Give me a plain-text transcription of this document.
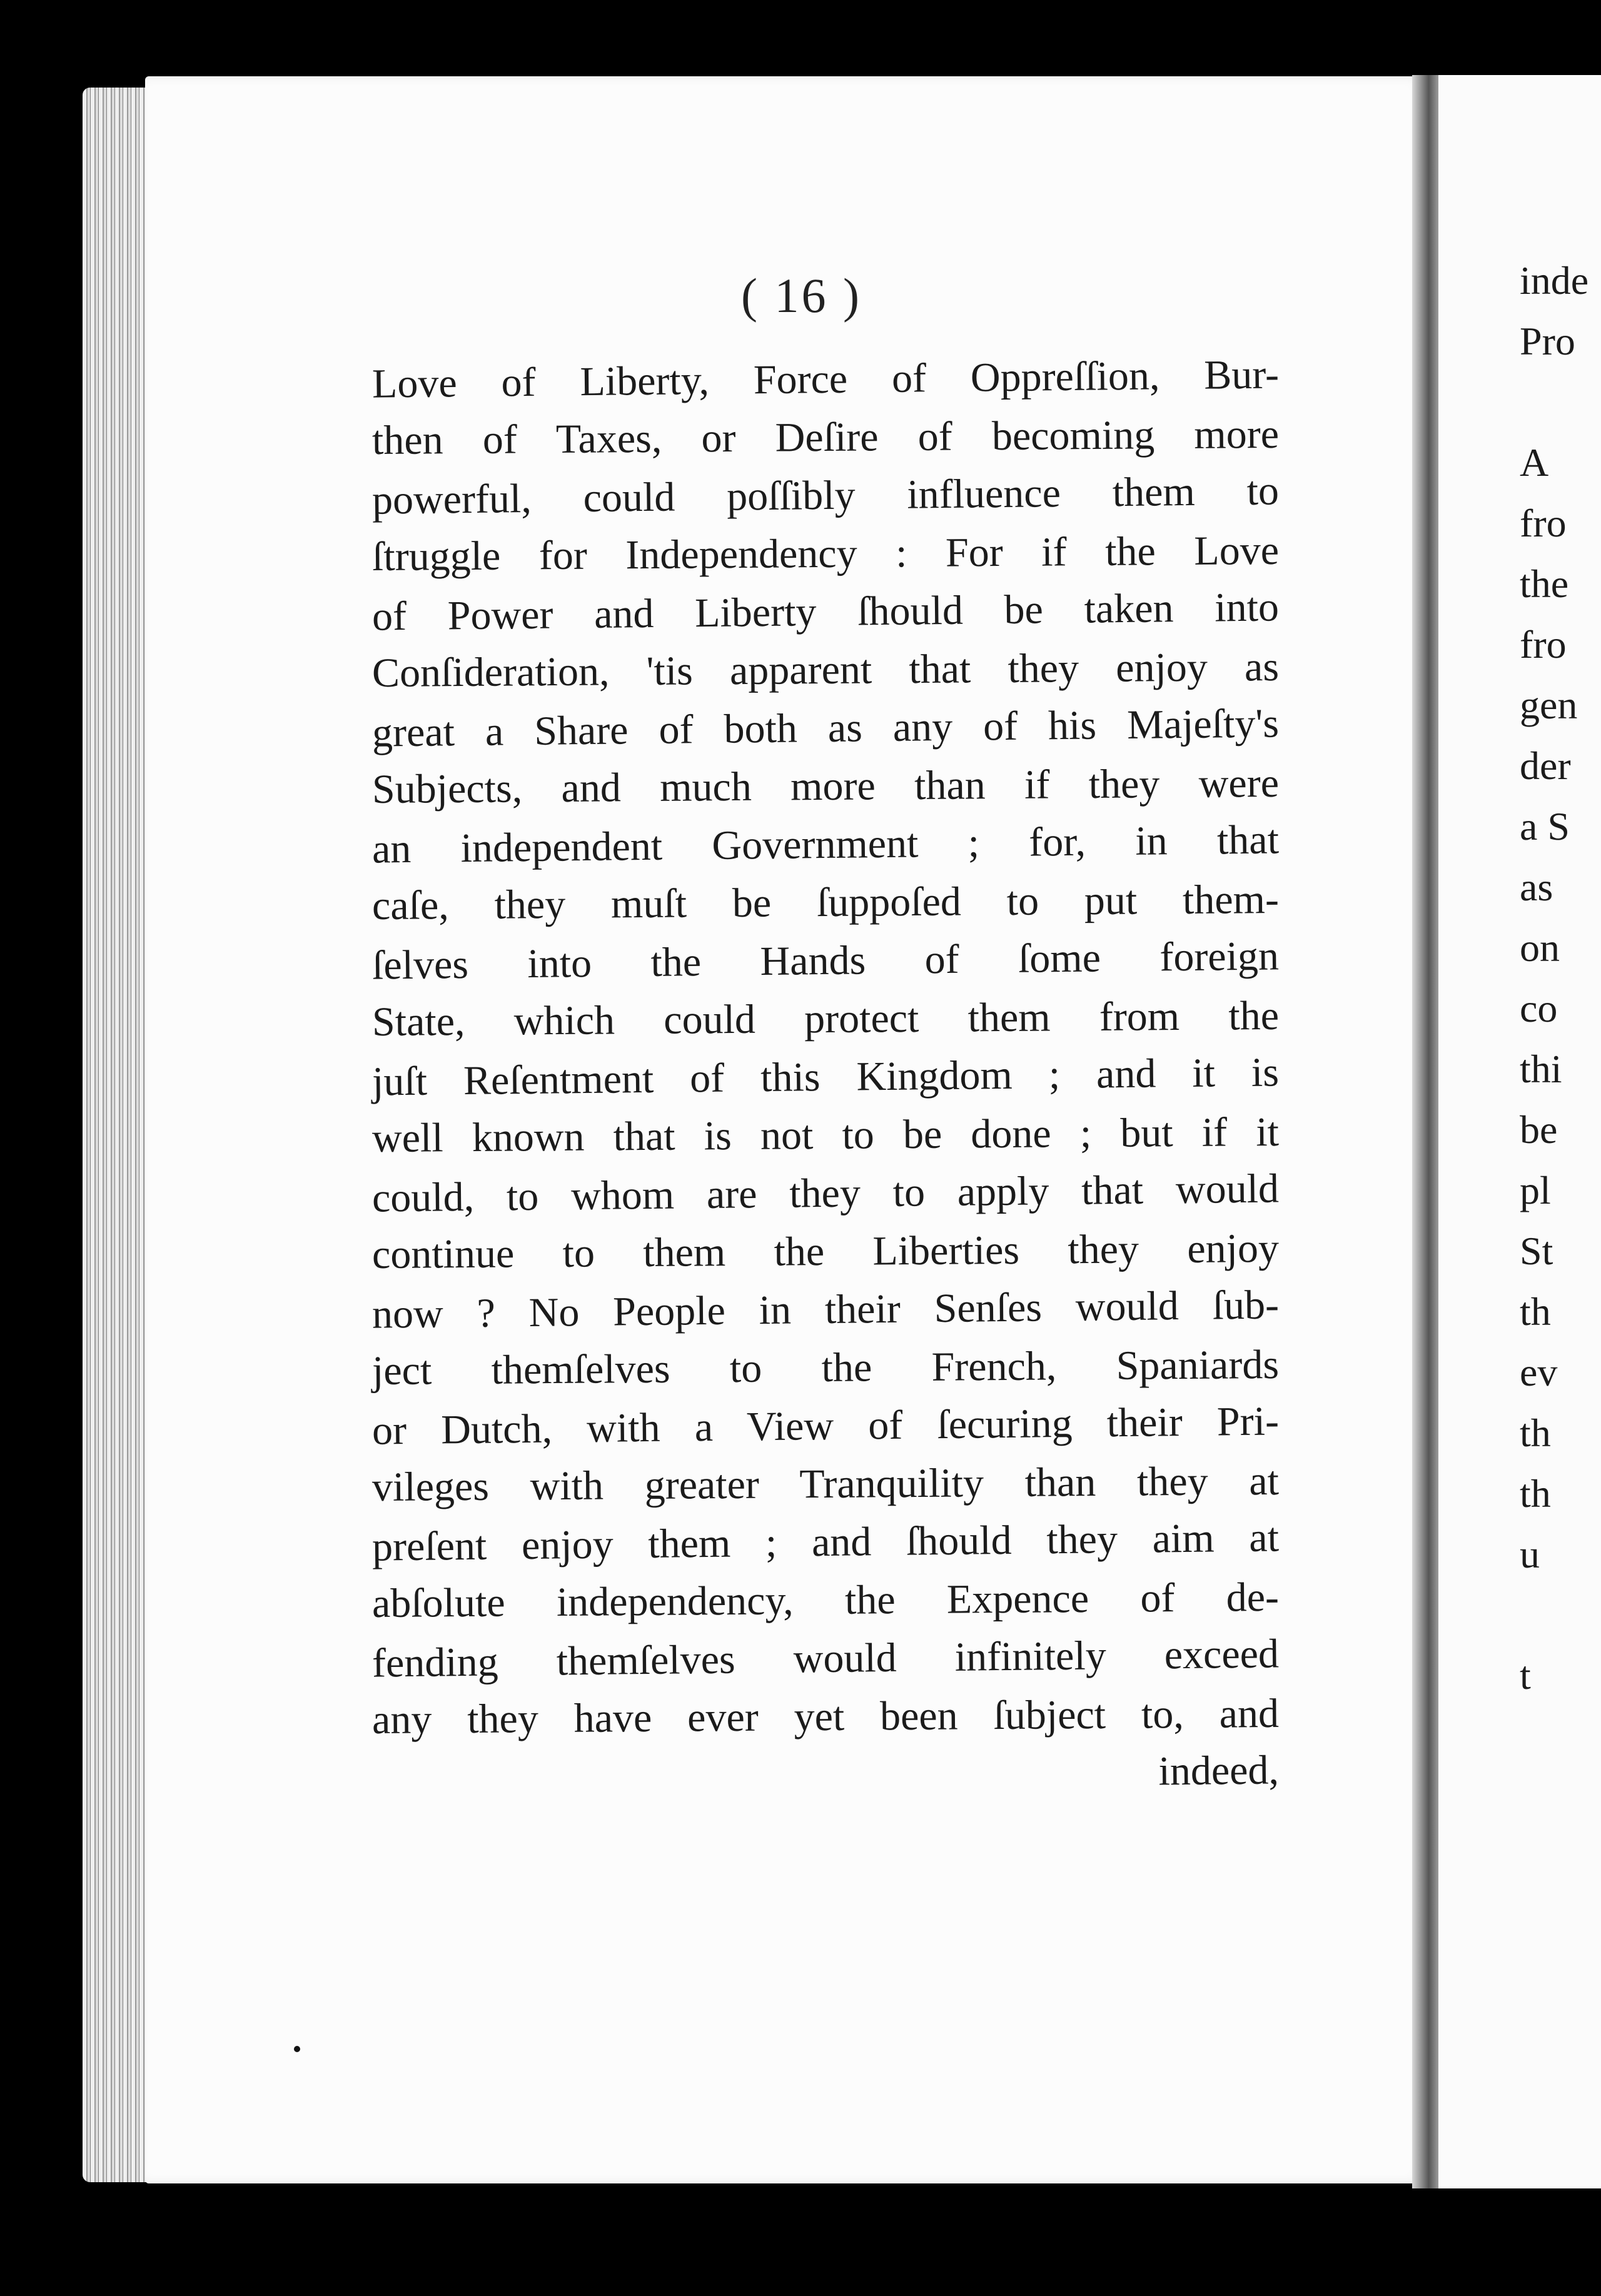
( 16 )
Love of Liberty, Force of Oppreſſion, Bur-
then of Taxes, or Deſire of becoming more
powerful, could poſſibly influence them to
ſtruggle for Independency : For if the Love
of Power and Liberty ſhould be taken into
Conſideration, 'tis apparent that they enjoy as
great a Share of both as any of his Majeſty's
Subjects, and much more than if they were
an independent Government ; for, in that
caſe, they muſt be ſuppoſed to put them-
ſelves into the Hands of ſome foreign
State, which could protect them from the
juſt Reſentment of this Kingdom ; and it is
well known that is not to be done ; but if it
could, to whom are they to apply that would
continue to them the Liberties they enjoy
now ? No People in their Senſes would ſub-
ject themſelves to the French, Spaniards
or Dutch, with a View of ſecuring their Pri-
vileges with greater Tranquility than they at
preſent enjoy them ; and ſhould they aim at
abſolute independency, the Expence of de-
fending themſelves would infinitely exceed
any they have ever yet been ſubject to, and
indeed,
inde
Pro
A
fro
the
fro
gen
der
a S
as
on
co
thi
be
pl
St
th
ev
th
th
u
t
